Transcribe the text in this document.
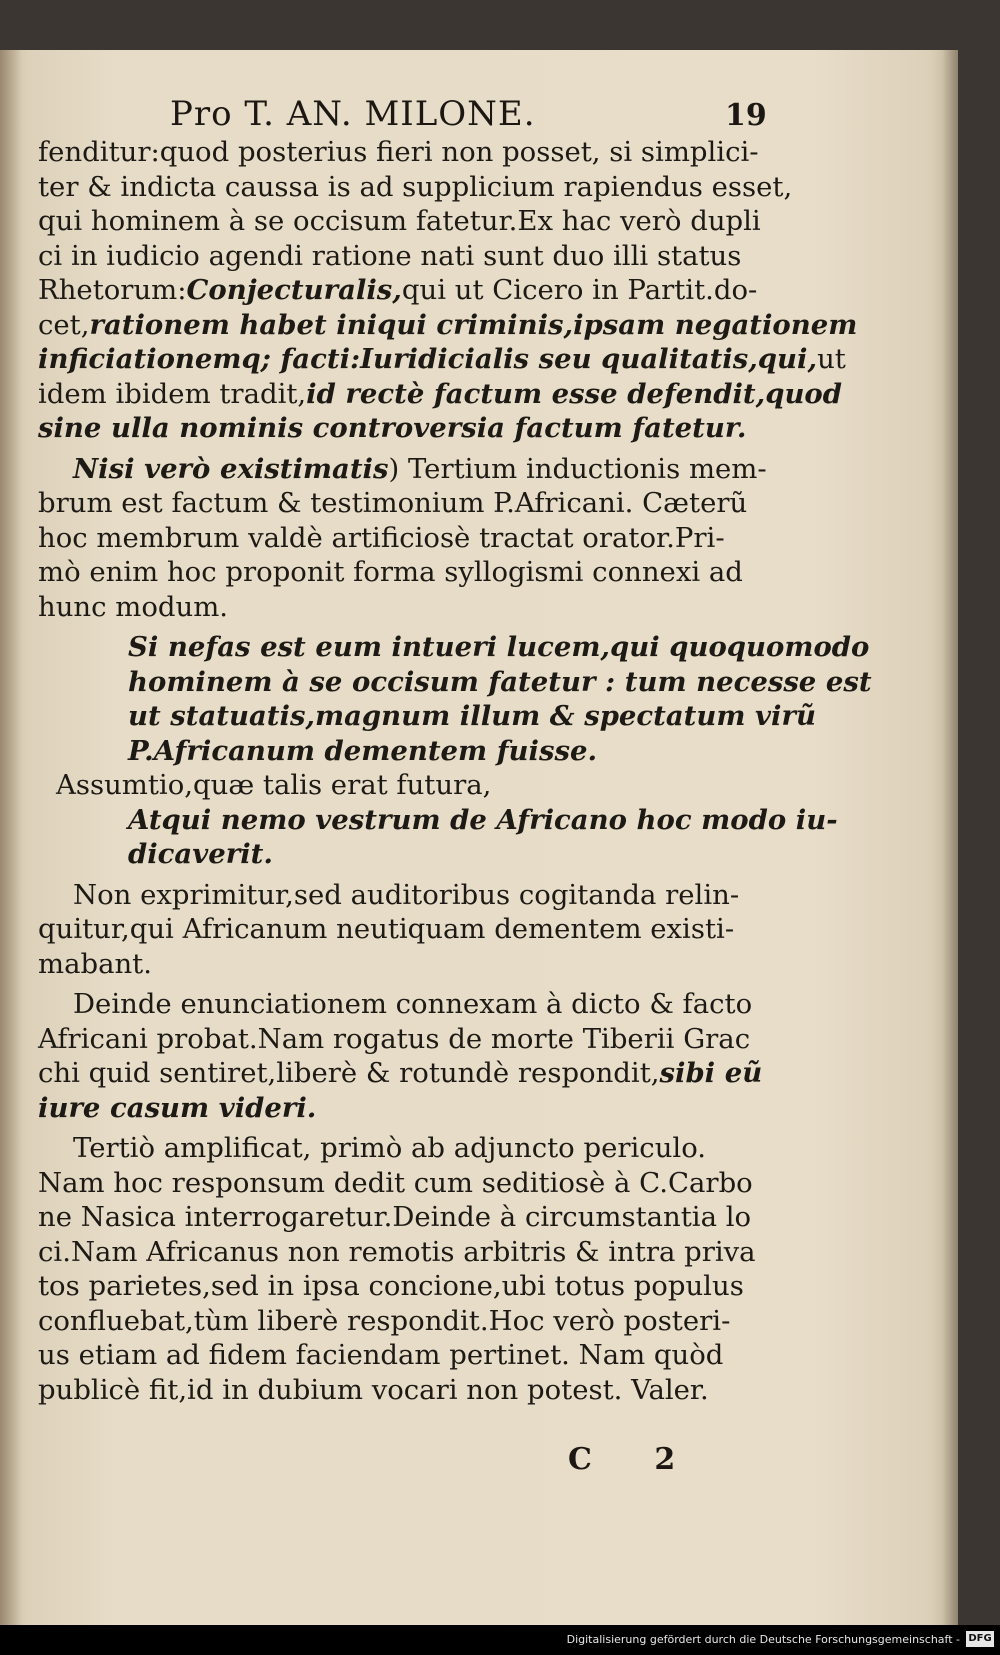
Pro T. AN. MILONE.	19
fenditur:quod posterius fieri non posset, si simplici-
ter & indicta caussa is ad supplicium rapiendus esset,
qui hominem à se occisum fatetur.Ex hac verò dupli
ci in iudicio agendi ratione nati sunt duo illi status
Rhetorum:Conjecturalis,qui ut Cicero in Partit.do-
cet,rationem habet iniqui criminis,ipsam negationem
inficiationemq; facti:Iuridicialis seu qualitatis,qui,ut
idem ibidem tradit,id rectè factum esse defendit,quod
sine ulla nominis controversia factum fatetur.
Nisi verò existimatis) Tertium inductionis mem-
brum est factum & testimonium P.Africani. Cæterũ
hoc membrum valdè artificiosè tractat orator.Pri-
mò enim hoc proponit forma syllogismi connexi ad
hunc modum.
Si nefas est eum intueri lucem,qui quoquomodo
hominem à se occisum fatetur : tum necesse est
ut statuatis,magnum illum & spectatum virũ
P.Africanum dementem fuisse.
Assumtio,quæ talis erat futura,
Atqui nemo vestrum de Africano hoc modo iu-
dicaverit.
Non exprimitur,sed auditoribus cogitanda relin-
quitur,qui Africanum neutiquam dementem existi-
mabant.
Deinde enunciationem connexam à dicto & facto
Africani probat.Nam rogatus de morte Tiberii Grac
chi quid sentiret,liberè & rotundè respondit,sibi eũ
iure casum videri.
Tertiò amplificat, primò ab adjuncto periculo.
Nam hoc responsum dedit cum seditiosè à C.Carbo
ne Nasica interrogaretur.Deinde à circumstantia lo
ci.Nam Africanus non remotis arbitris & intra priva
tos parietes,sed in ipsa concione,ubi totus populus
confluebat,tùm liberè respondit.Hoc verò posteri-
us etiam ad fidem faciendam pertinet. Nam quòd
publicè fit,id in dubium vocari non potest. Valer.
C 2
Digitalisierung gefördert durch die Deutsche Forschungsgemeinschaft - DFG
